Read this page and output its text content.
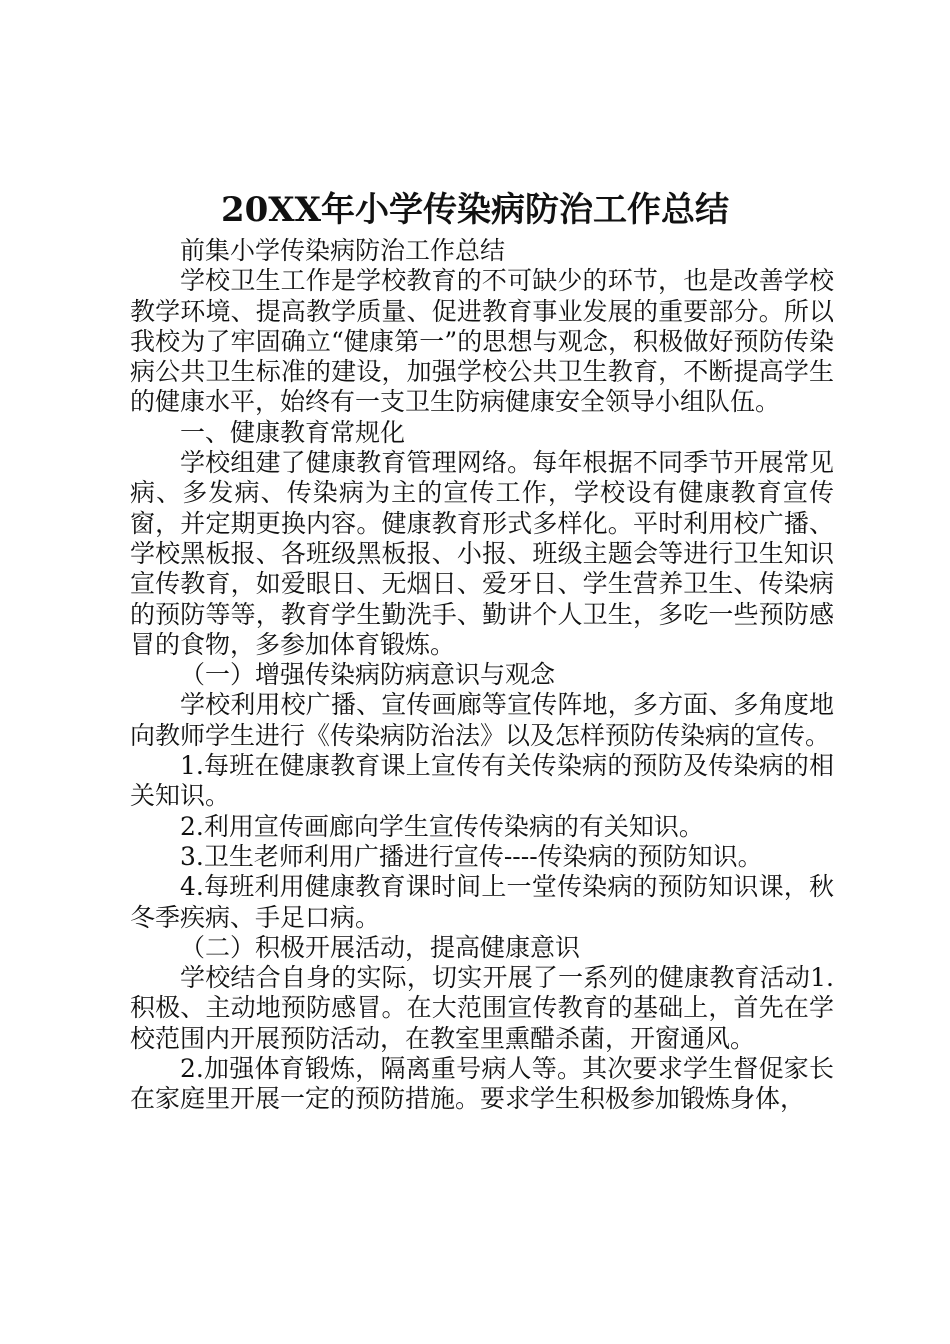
20XX年小学传染病防治工作总结

前集小学传染病防治工作总结

学校卫生工作是学校教育的不可缺少的环节，也是改善学校教学环境、提高教学质量、促进教育事业发展的重要部分。所以我校为了牢固确立“健康第一”的思想与观念，积极做好预防传染病公共卫生标准的建设，加强学校公共卫生教育，不断提高学生的健康水平，始终有一支卫生防病健康安全领导小组队伍。

一、健康教育常规化

学校组建了健康教育管理网络。每年根据不同季节开展常见病、多发病、传染病为主的宣传工作，学校设有健康教育宣传窗，并定期更换内容。健康教育形式多样化。平时利用校广播、学校黑板报、各班级黑板报、小报、班级主题会等进行卫生知识宣传教育，如爱眼日、无烟日、爱牙日、学生营养卫生、传染病的预防等等，教育学生勤洗手、勤讲个人卫生，多吃一些预防感冒的食物，多参加体育锻炼。

（一）增强传染病防病意识与观念

学校利用校广播、宣传画廊等宣传阵地，多方面、多角度地向教师学生进行《传染病防治法》以及怎样预防传染病的宣传。

1.每班在健康教育课上宣传有关传染病的预防及传染病的相关知识。

2.利用宣传画廊向学生宣传传染病的有关知识。

3.卫生老师利用广播进行宣传----传染病的预防知识。

4.每班利用健康教育课时间上一堂传染病的预防知识课，秋冬季疾病、手足口病。

（二）积极开展活动，提高健康意识

学校结合自身的实际，切实开展了一系列的健康教育活动1.积极、主动地预防感冒。在大范围宣传教育的基础上，首先在学校范围内开展预防活动，在教室里熏醋杀菌，开窗通风。

2.加强体育锻炼，隔离重号病人等。其次要求学生督促家长在家庭里开展一定的预防措施。要求学生积极参加锻炼身体，
